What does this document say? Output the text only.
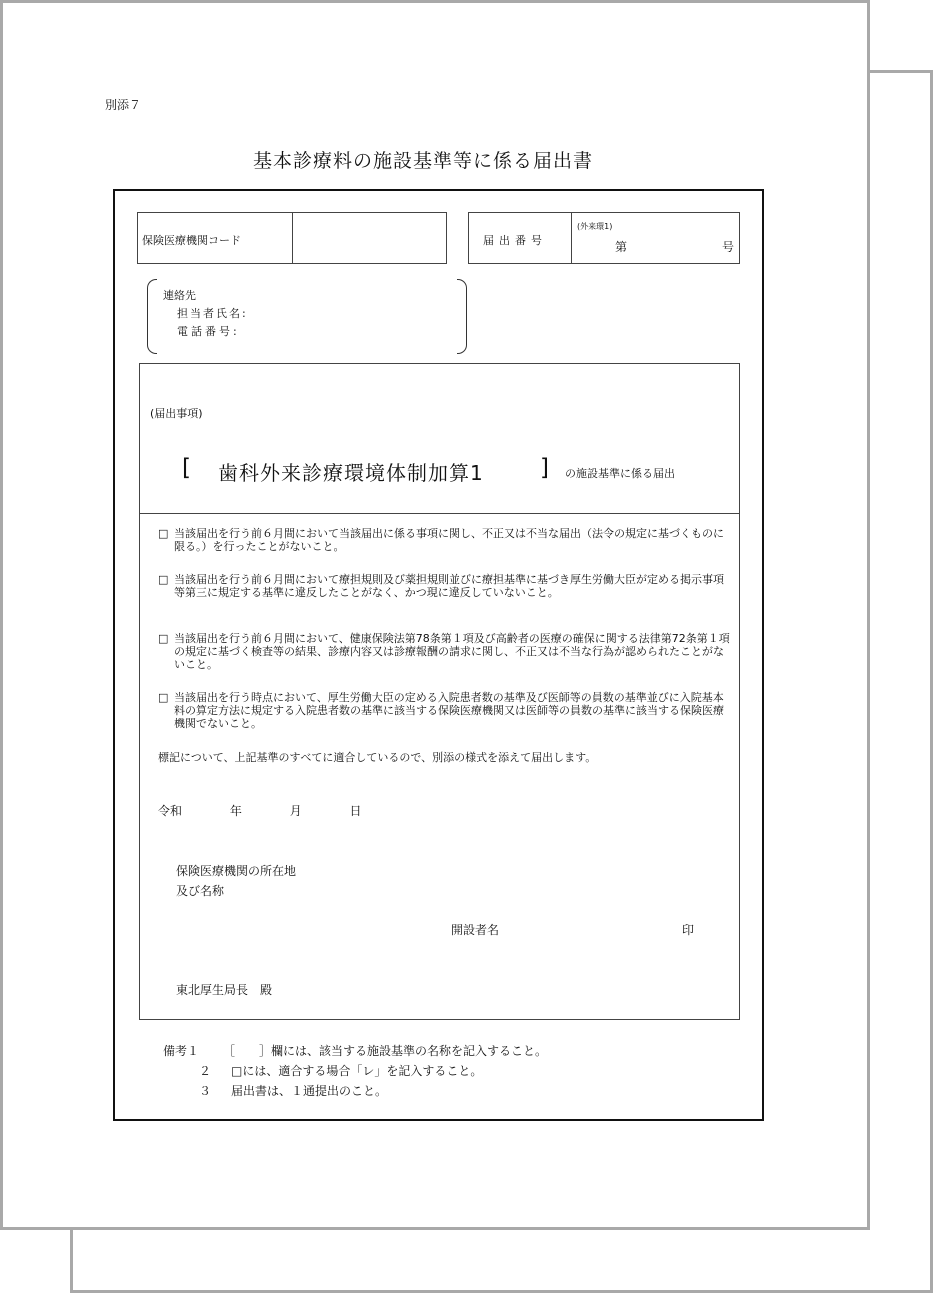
別添７
基本診療料の施設基準等に係る届出書
保険医療機関コード	届出番号
(外来環1)
第	号
連絡先
担当者氏名:
電話番号:
(届出事項)
[ 歯科外来診療環境体制加算1 ] の施設基準に係る届出
□ 当該届出を行う前６月間において当該届出に係る事項に関し、不正又は不当な届出（法令の規定に基づくものに限る。）を行ったことがないこと。
□ 当該届出を行う前６月間において療担規則及び薬担規則並びに療担基準に基づき厚生労働大臣が定める掲示事項等第三に規定する基準に違反したことがなく、かつ現に違反していないこと。
□ 当該届出を行う前６月間において、健康保険法第78条第１項及び高齢者の医療の確保に関する法律第72条第１項の規定に基づく検査等の結果、診療内容又は診療報酬の請求に関し、不正又は不当な行為が認められたことがないこと。
□ 当該届出を行う時点において、厚生労働大臣の定める入院患者数の基準及び医師等の員数の基準並びに入院基本料の算定方法に規定する入院患者数の基準に該当する保険医療機関又は医師等の員数の基準に該当する保険医療機関でないこと。
標記について、上記基準のすべてに適合しているので、別添の様式を添えて届出します。
令和	年	月	日
保険医療機関の所在地
及び名称
開設者名	印
東北厚生局長　殿
備考１ ［　　］欄には、該当する施設基準の名称を記入すること。
２ □には、適合する場合「レ」を記入すること。
３ 届出書は、１通提出のこと。
